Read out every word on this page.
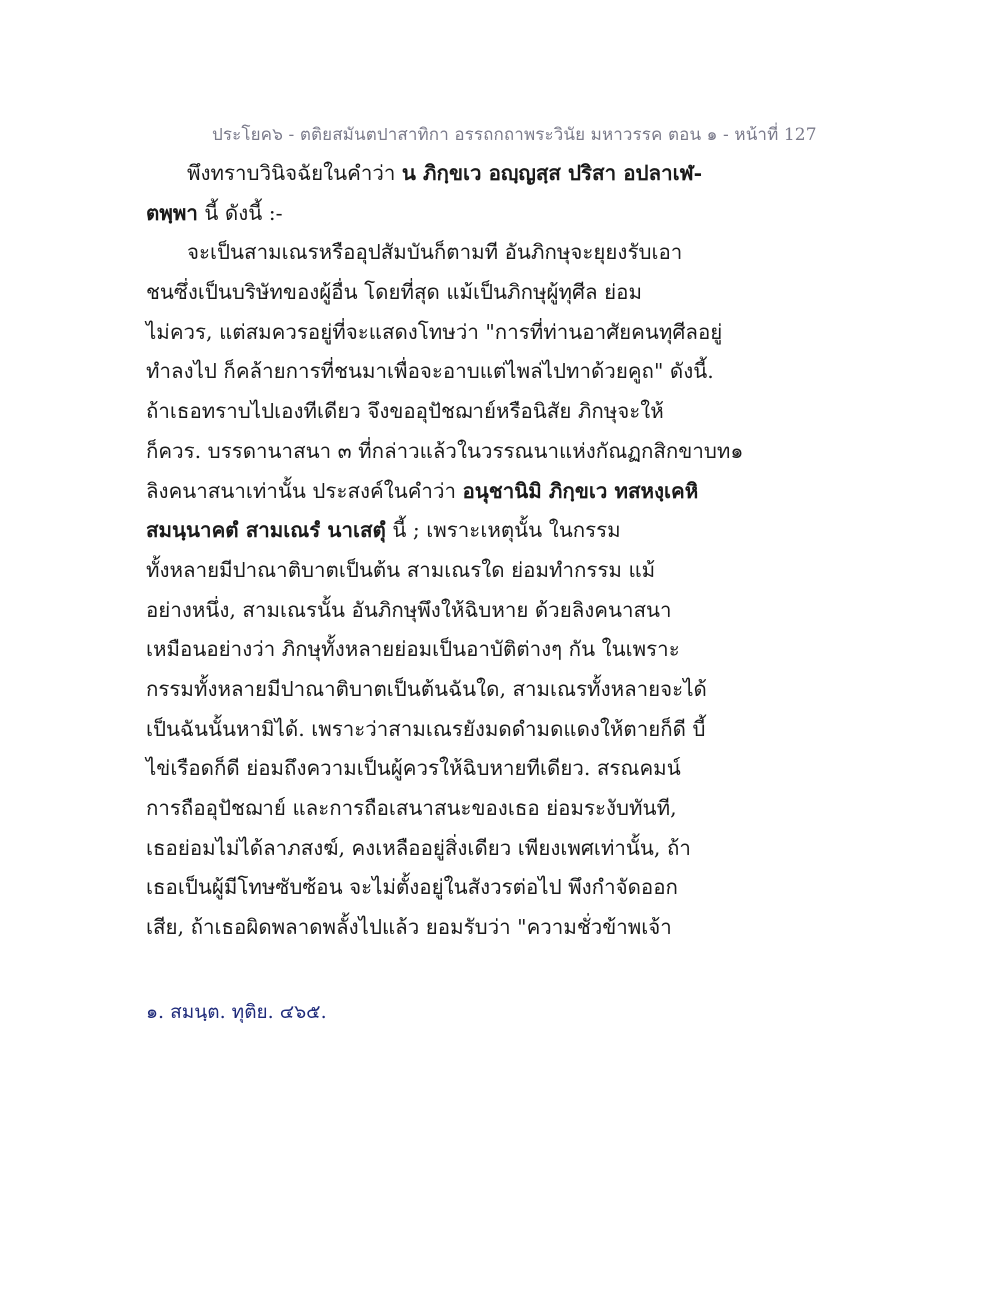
ประโยค๖ - ตติยสมันตปาสาทิกา อรรถกถาพระวินัย มหาวรรค ตอน ๑ - หน้าที่ 127
พึงทราบวินิจฉัยในคำว่า น ภิกฺขเว อญฺญสฺส ปริสา อปลาเฬ-
ตพฺพา นี้ ดังนี้ :-
จะเป็นสามเณรหรืออุปสัมบันก็ตามที อันภิกษุจะยุยงรับเอา
ชนซึ่งเป็นบริษัทของผู้อื่น โดยที่สุด แม้เป็นภิกษุผู้ทุศีล ย่อม
ไม่ควร, แต่สมควรอยู่ที่จะแสดงโทษว่า "การที่ท่านอาศัยคนทุศีลอยู่
ทำลงไป ก็คล้ายการที่ชนมาเพื่อจะอาบแต่ไพล่ไปทาด้วยคูถ" ดังนี้.
ถ้าเธอทราบไปเองทีเดียว จึงขออุปัชฌาย์หรือนิสัย ภิกษุจะให้
ก็ควร. บรรดานาสนา ๓ ที่กล่าวแล้วในวรรณนาแห่งกัณฏกสิกขาบท๑
ลิงคนาสนาเท่านั้น ประสงค์ในคำว่า อนุชานิมิ ภิกฺขเว ทสหงฺเคหิ
สมนฺนาคตํ สามเณรํ นาเสตุํ นี้ ; เพราะเหตุนั้น ในกรรม
ทั้งหลายมีปาณาติบาตเป็นต้น สามเณรใด ย่อมทำกรรม แม้
อย่างหนึ่ง, สามเณรนั้น อันภิกษุพึงให้ฉิบหาย ด้วยลิงคนาสนา
เหมือนอย่างว่า ภิกษุทั้งหลายย่อมเป็นอาบัติต่างๆ กัน ในเพราะ
กรรมทั้งหลายมีปาณาติบาตเป็นต้นฉันใด, สามเณรทั้งหลายจะได้
เป็นฉันนั้นหามิได้. เพราะว่าสามเณรยังมดดำมดแดงให้ตายก็ดี บี้
ไข่เรือดก็ดี ย่อมถึงความเป็นผู้ควรให้ฉิบหายทีเดียว. สรณคมน์
การถืออุปัชฌาย์ และการถือเสนาสนะของเธอ ย่อมระงับทันที,
เธอย่อมไม่ได้ลาภสงฆ์, คงเหลืออยู่สิ่งเดียว เพียงเพศเท่านั้น, ถ้า
เธอเป็นผู้มีโทษซับซ้อน จะไม่ตั้งอยู่ในสังวรต่อไป พึงกำจัดออก
เสีย, ถ้าเธอผิดพลาดพลั้งไปแล้ว ยอมรับว่า "ความชั่วข้าพเจ้า
๑. สมนฺต. ทุติย. ๔๖๕.
